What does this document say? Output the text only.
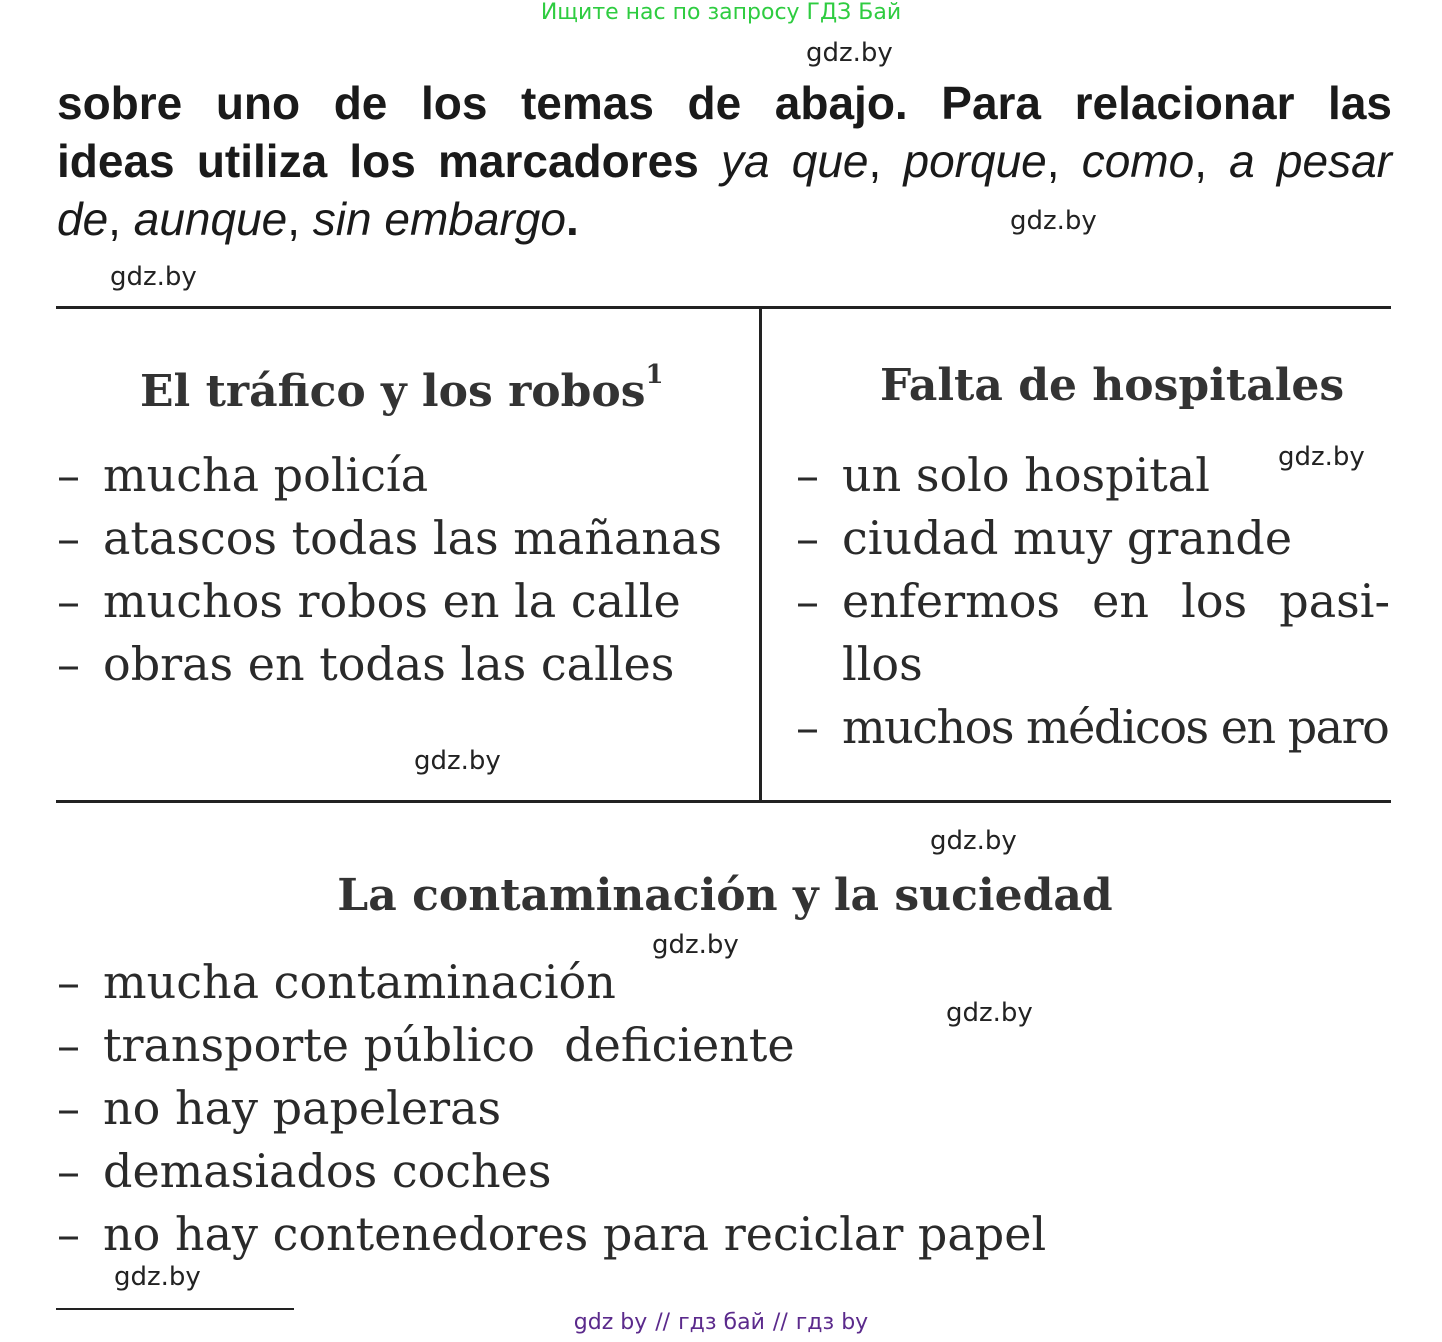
Ищите нас по запросу ГДЗ Бай
gdz.by
gdz.by
gdz.by
gdz.by
gdz.by
gdz.by
gdz.by
gdz.by
gdz.by
sobre uno de los temas de abajo. Para relacionar las
ideas utiliza los marcadores ya que, porque, como, a pesar
de, aunque, sin embargo.
El tráfico y los robos$^1$
– mucha policía
– atascos todas las mañanas
– muchos robos en la calle
– obras en todas las calles
Falta de hospitales
– un solo hospital
– ciudad muy grande
– enfermos en los pasi-
llos
– muchos médicos en paro
La contaminación y la suciedad
– mucha contaminación
– transporte público  deficiente
– no hay papeleras
– demasiados coches
– no hay contenedores para reciclar papel
gdz by // гдз бай // гдз by
